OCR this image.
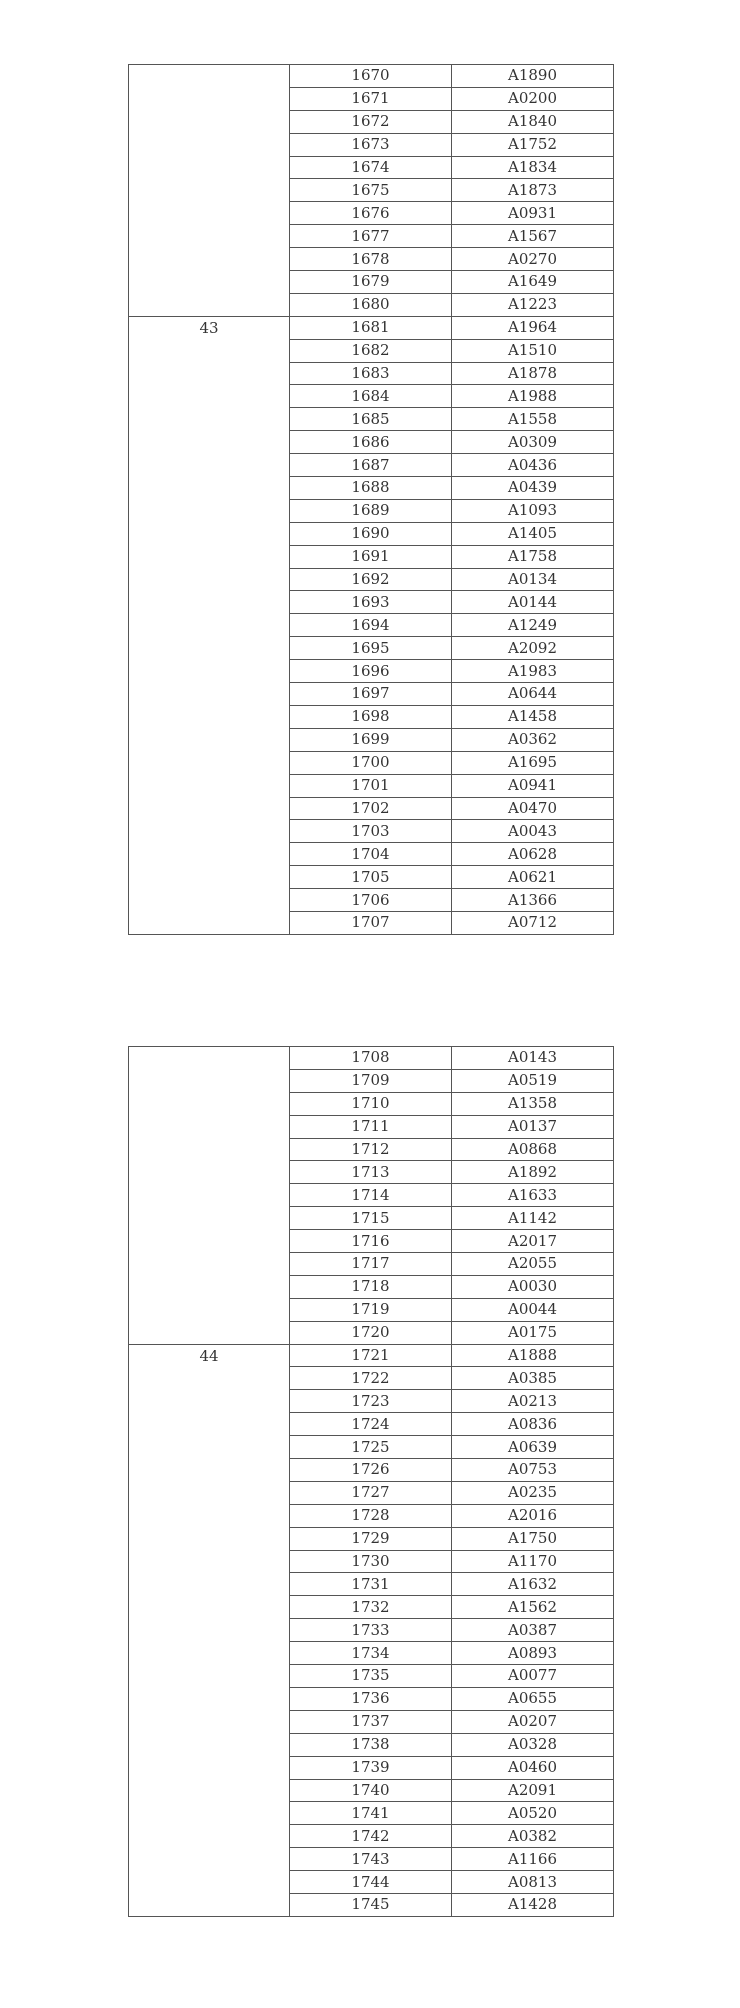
	1670	A1890
	1671	A0200
	1672	A1840
	1673	A1752
	1674	A1834
	1675	A1873
	1676	A0931
	1677	A1567
	1678	A0270
	1679	A1649
	1680	A1223
43	1681	A1964
	1682	A1510
	1683	A1878
	1684	A1988
	1685	A1558
	1686	A0309
	1687	A0436
	1688	A0439
	1689	A1093
	1690	A1405
	1691	A1758
	1692	A0134
	1693	A0144
	1694	A1249
	1695	A2092
	1696	A1983
	1697	A0644
	1698	A1458
	1699	A0362
	1700	A1695
	1701	A0941
	1702	A0470
	1703	A0043
	1704	A0628
	1705	A0621
	1706	A1366
	1707	A0712
	1708	A0143
	1709	A0519
	1710	A1358
	1711	A0137
	1712	A0868
	1713	A1892
	1714	A1633
	1715	A1142
	1716	A2017
	1717	A2055
	1718	A0030
	1719	A0044
	1720	A0175
44	1721	A1888
	1722	A0385
	1723	A0213
	1724	A0836
	1725	A0639
	1726	A0753
	1727	A0235
	1728	A2016
	1729	A1750
	1730	A1170
	1731	A1632
	1732	A1562
	1733	A0387
	1734	A0893
	1735	A0077
	1736	A0655
	1737	A0207
	1738	A0328
	1739	A0460
	1740	A2091
	1741	A0520
	1742	A0382
	1743	A1166
	1744	A0813
	1745	A1428
